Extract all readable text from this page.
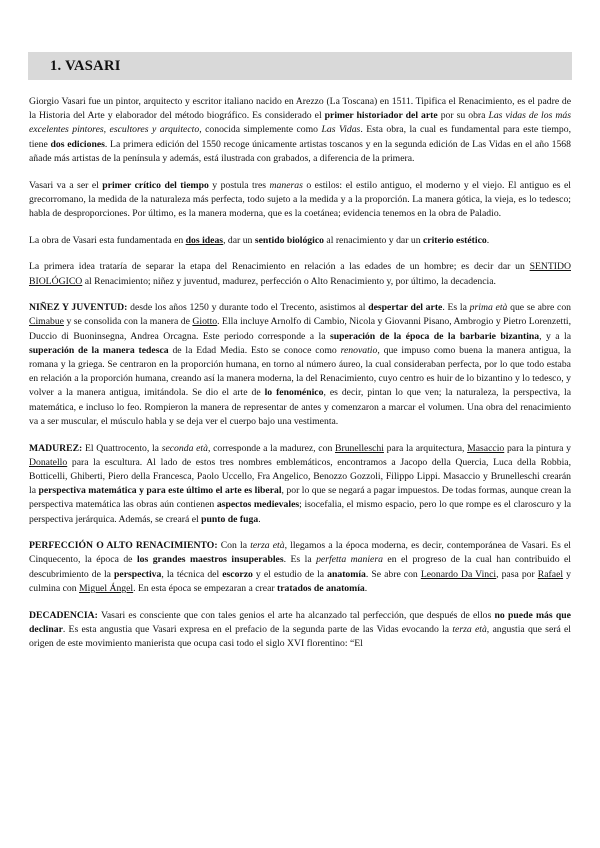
1. VASARI

Giorgio Vasari fue un pintor, arquitecto y escritor italiano nacido en Arezzo (La Toscana) en 1511. Tipifica el Renacimiento, es el padre de la Historia del Arte y elaborador del método biográfico. Es considerado el primer historiador del arte por su obra Las vidas de los más excelentes pintores, escultores y arquitecto, conocida simplemente como Las Vidas. Esta obra, la cual es fundamental para este tiempo, tiene dos ediciones. La primera edición del 1550 recoge únicamente artistas toscanos y en la segunda edición de Las Vidas en el año 1568 añade más artistas de la península y además, está ilustrada con grabados, a diferencia de la primera.

Vasari va a ser el primer crítico del tiempo y postula tres maneras o estilos: el estilo antiguo, el moderno y el viejo. El antiguo es el grecorromano, la medida de la naturaleza más perfecta, todo sujeto a la medida y a la proporción. La manera gótica, la vieja, es lo tedesco; habla de desproporciones. Por último, es la manera moderna, que es la coetánea; evidencia tenemos en la obra de Paladio.

La obra de Vasari esta fundamentada en dos ideas, dar un sentido biológico al renacimiento y dar un criterio estético.

La primera idea trataría de separar la etapa del Renacimiento en relación a las edades de un hombre; es decir dar un SENTIDO BIOLÓGICO al Renacimiento; niñez y juventud, madurez, perfección o Alto Renacimiento y, por último, la decadencia.

NIÑEZ Y JUVENTUD: desde los años 1250 y durante todo el Trecento, asistimos al despertar del arte. Es la prima età que se abre con Cimabue y se consolida con la manera de Giotto. Ella incluye Arnolfo di Cambio, Nicola y Giovanni Pisano, Ambrogio y Pietro Lorenzetti, Duccio di Buoninsegna, Andrea Orcagna. Este periodo corresponde a la superación de la época de la barbarie bizantina, y a la superación de la manera tedesca de la Edad Media. Esto se conoce como renovatio, que impuso como buena la manera antigua, la romana y la griega. Se centraron en la proporción humana, en torno al número áureo, la cual consideraban perfecta, por lo que todo estaba en relación a la proporción humana, creando así la manera moderna, la del Renacimiento, cuyo centro es huir de lo bizantino y lo tedesco, y volver a la manera antigua, imitándola. Se dio el arte de lo fenoménico, es decir, pintan lo que ven; la naturaleza, la perspectiva, la matemática, e incluso lo feo. Rompieron la manera de representar de antes y comenzaron a marcar el volumen. Una obra del renacimiento va a ser muscular, el músculo habla y se deja ver el cuerpo bajo una vestimenta.

MADUREZ: El Quattrocento, la seconda età, corresponde a la madurez, con Brunelleschi para la arquitectura, Masaccio para la pintura y Donatello para la escultura. Al lado de estos tres nombres emblemáticos, encontramos a Jacopo della Quercia, Luca della Robbia, Botticelli, Ghiberti, Piero della Francesca, Paolo Uccello, Fra Angelico, Benozzo Gozzoli, Filippo Lippi. Masaccio y Brunelleschi crearán la perspectiva matemática y para este último el arte es liberal, por lo que se negará a pagar impuestos. De todas formas, aunque crean la perspectiva matemática las obras aún contienen aspectos medievales; isocefalia, el mismo espacio, pero lo que rompe es el claroscuro y la perspectiva jerárquica. Además, se creará el punto de fuga.

PERFECCIÓN O ALTO RENACIMIENTO: Con la terza età, llegamos a la época moderna, es decir, contemporánea de Vasari. Es el Cinquecento, la época de los grandes maestros insuperables. Es la perfetta maniera en el progreso de la cual han contribuido el descubrimiento de la perspectiva, la técnica del escorzo y el estudio de la anatomía. Se abre con Leonardo Da Vinci, pasa por Rafael y culmina con Miguel Ángel. En esta época se empezaran a crear tratados de anatomía.

DECADENCIA: Vasari es consciente que con tales genios el arte ha alcanzado tal perfección, que después de ellos no puede más que declinar. Es esta angustia que Vasari expresa en el prefacio de la segunda parte de las Vidas evocando la terza età, angustia que será el origen de este movimiento manierista que ocupa casi todo el siglo XVI florentino: “El
